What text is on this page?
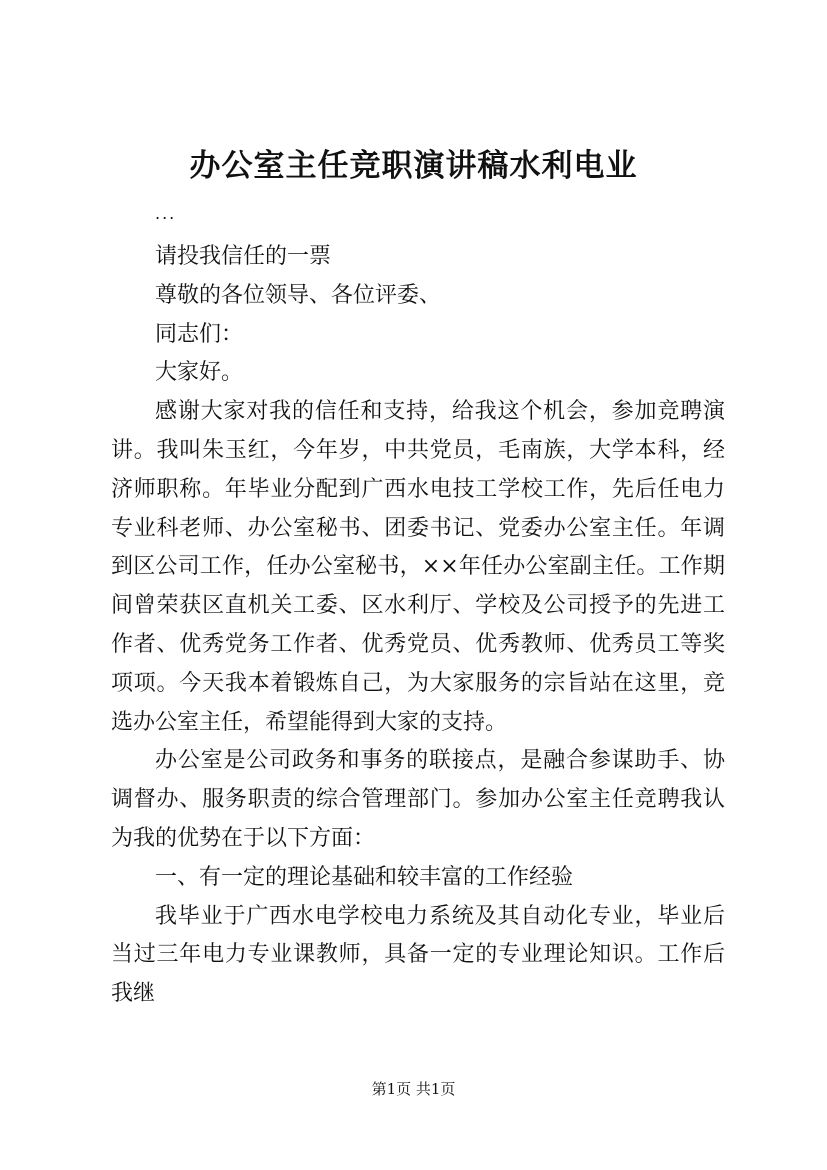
办公室主任竞职演讲稿水利电业

...

请投我信任的一票

尊敬的各位领导、各位评委、

同志们：

大家好。

感谢大家对我的信任和支持，给我这个机会，参加竞聘演讲。我叫朱玉红，今年岁，中共党员，毛南族，大学本科，经济师职称。年毕业分配到广西水电技工学校工作，先后任电力专业科老师、办公室秘书、团委书记、党委办公室主任。年调到区公司工作，任办公室秘书，××年任办公室副主任。工作期间曾荣获区直机关工委、区水利厅、学校及公司授予的先进工作者、优秀党务工作者、优秀党员、优秀教师、优秀员工等奖项项。今天我本着锻炼自己，为大家服务的宗旨站在这里，竞选办公室主任，希望能得到大家的支持。

办公室是公司政务和事务的联接点，是融合参谋助手、协调督办、服务职责的综合管理部门。参加办公室主任竞聘我认为我的优势在于以下方面：

一、有一定的理论基础和较丰富的工作经验

我毕业于广西水电学校电力系统及其自动化专业，毕业后当过三年电力专业课教师，具备一定的专业理论知识。工作后我继

第1页 共1页
